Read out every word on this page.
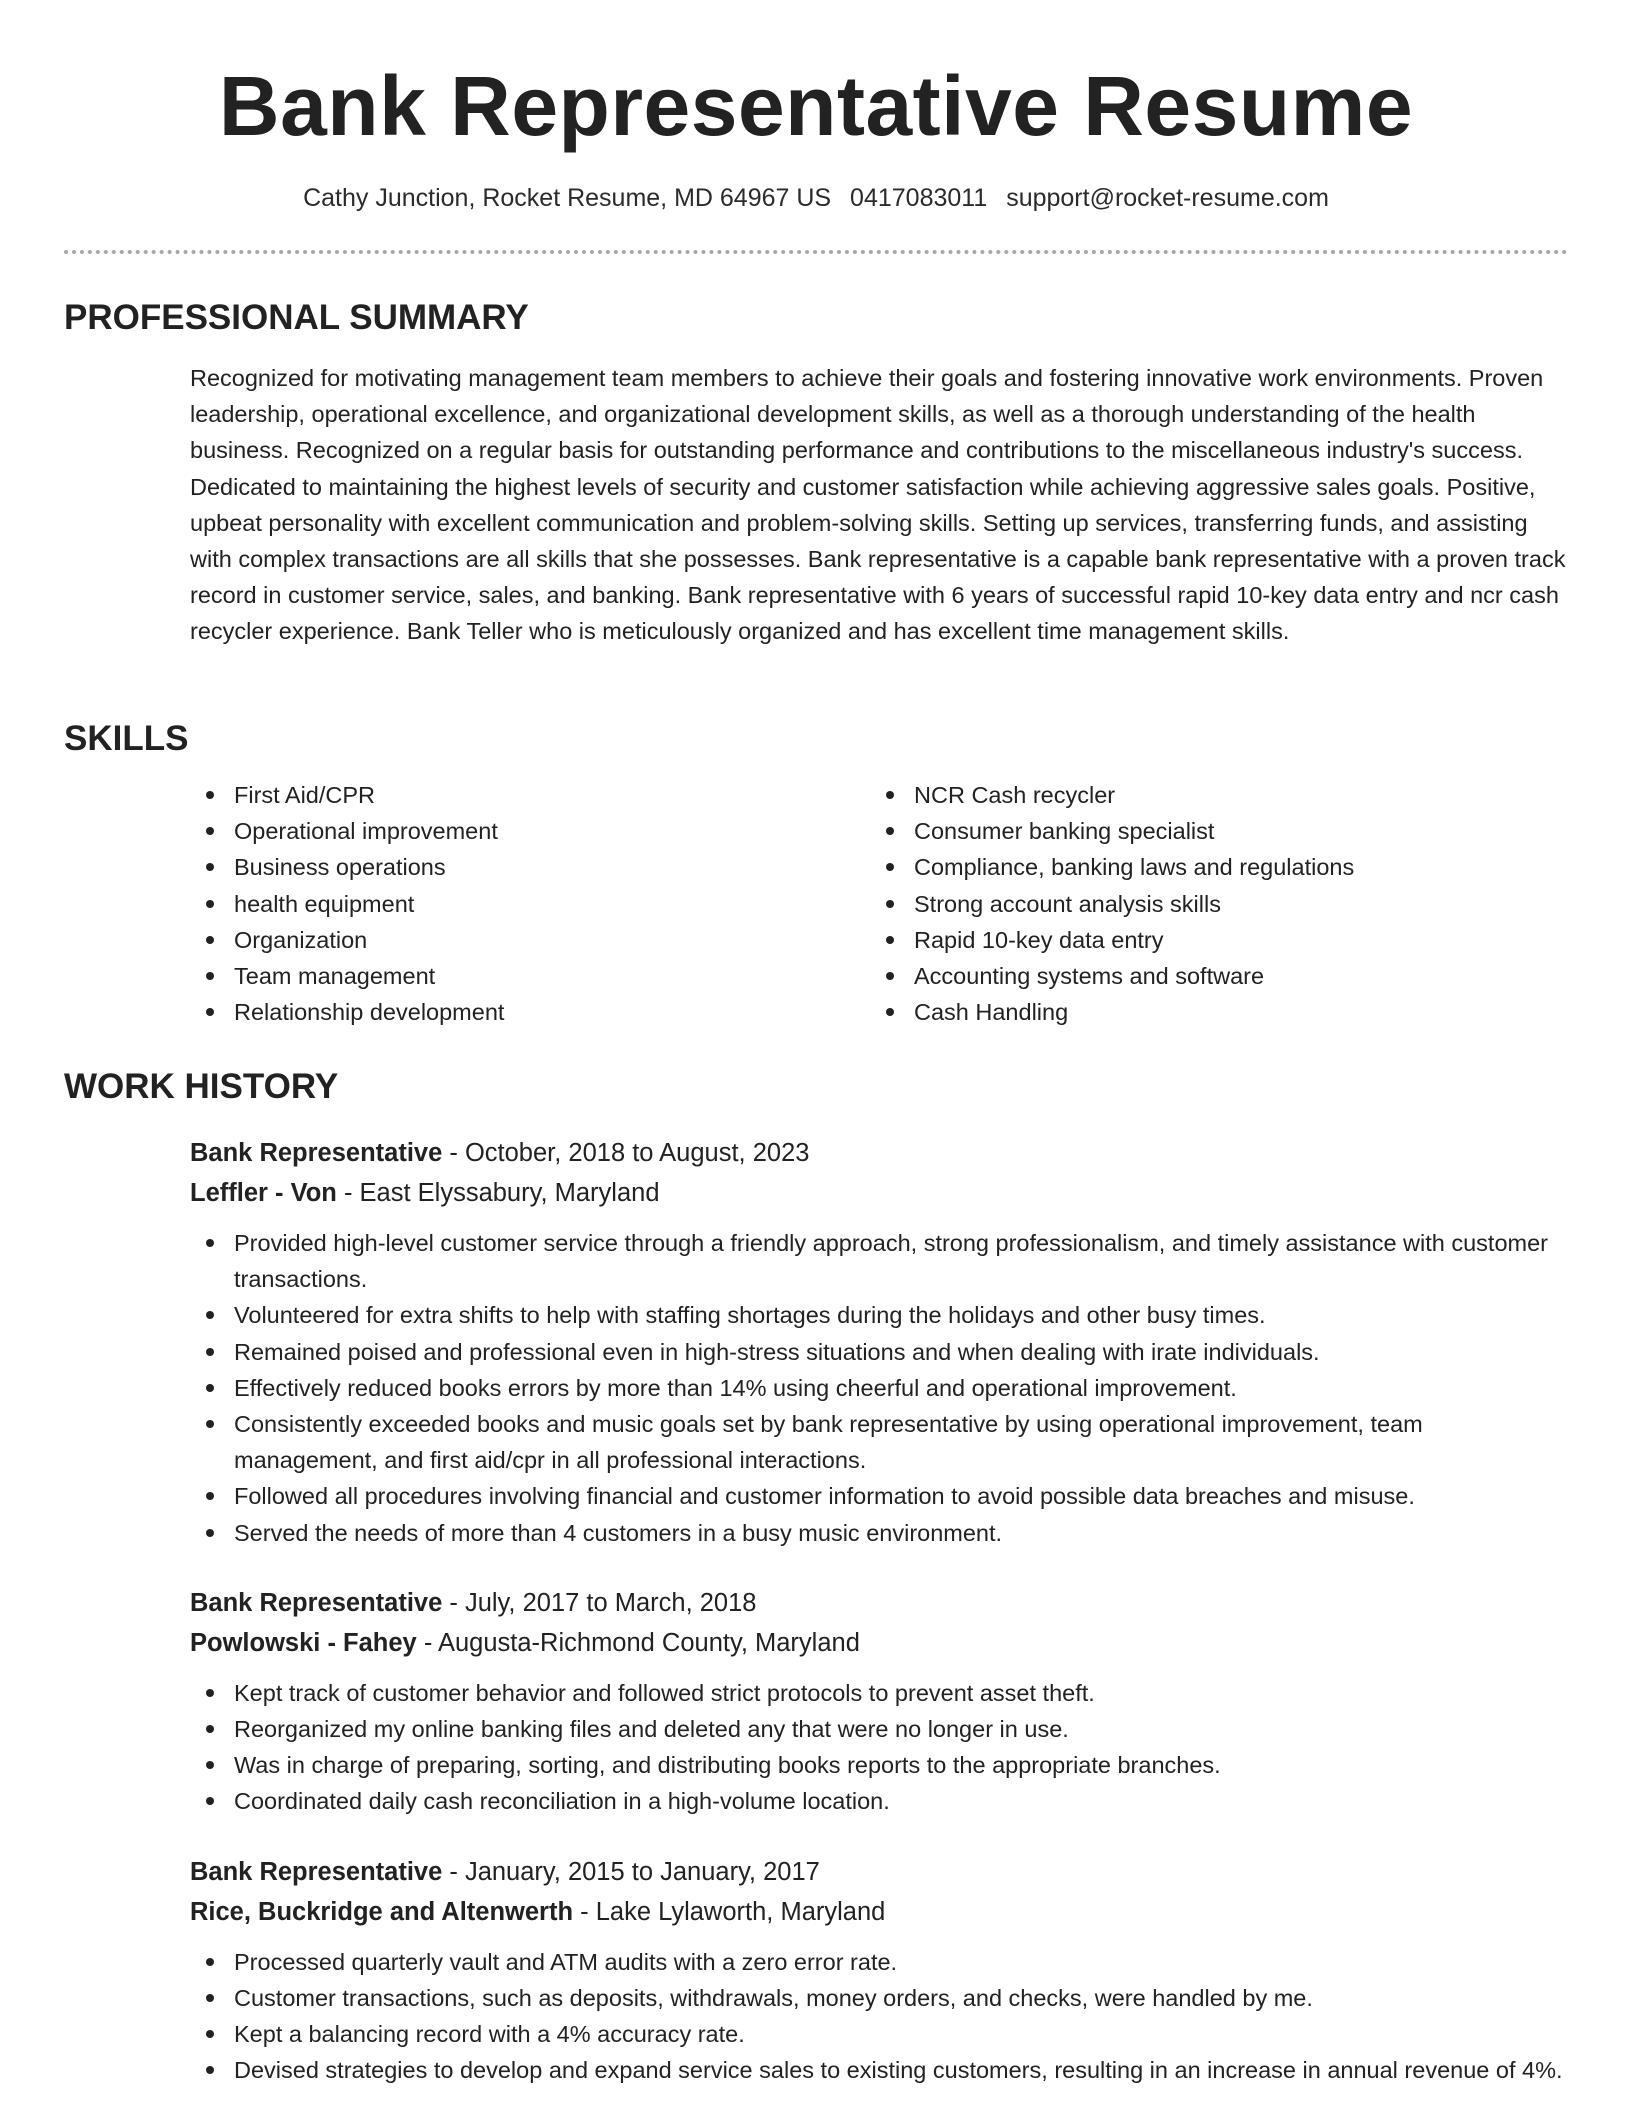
Bank Representative Resume
Cathy Junction, Rocket Resume, MD 64967 US 0417083011 support@rocket-resume.com
PROFESSIONAL SUMMARY

Recognized for motivating management team members to achieve their goals and fostering innovative work environments. Proven leadership, operational excellence, and organizational development skills, as well as a thorough understanding of the health business. Recognized on a regular basis for outstanding performance and contributions to the miscellaneous industry's success. Dedicated to maintaining the highest levels of security and customer satisfaction while achieving aggressive sales goals. Positive, upbeat personality with excellent communication and problem-solving skills. Setting up services, transferring funds, and assisting with complex transactions are all skills that she possesses. Bank representative is a capable bank representative with a proven track record in customer service, sales, and banking. Bank representative with 6 years of successful rapid 10-key data entry and ncr cash recycler experience. Bank Teller who is meticulously organized and has excellent time management skills.

SKILLS
First Aid/CPR
Operational improvement
Business operations
health equipment
Organization
Team management
Relationship development
NCR Cash recycler
Consumer banking specialist
Compliance, banking laws and regulations
Strong account analysis skills
Rapid 10-key data entry
Accounting systems and software
Cash Handling
WORK HISTORY
Bank Representative - October, 2018 to August, 2023
Leffler - Von - East Elyssabury, Maryland
Provided high-level customer service through a friendly approach, strong professionalism, and timely assistance with customer transactions.
Volunteered for extra shifts to help with staffing shortages during the holidays and other busy times.
Remained poised and professional even in high-stress situations and when dealing with irate individuals.
Effectively reduced books errors by more than 14% using cheerful and operational improvement.
Consistently exceeded books and music goals set by bank representative by using operational improvement, team management, and first aid/cpr in all professional interactions.
Followed all procedures involving financial and customer information to avoid possible data breaches and misuse.
Served the needs of more than 4 customers in a busy music environment.
Bank Representative - July, 2017 to March, 2018
Powlowski - Fahey - Augusta-Richmond County, Maryland
Kept track of customer behavior and followed strict protocols to prevent asset theft.
Reorganized my online banking files and deleted any that were no longer in use.
Was in charge of preparing, sorting, and distributing books reports to the appropriate branches.
Coordinated daily cash reconciliation in a high-volume location.
Bank Representative - January, 2015 to January, 2017
Rice, Buckridge and Altenwerth - Lake Lylaworth, Maryland
Processed quarterly vault and ATM audits with a zero error rate.
Customer transactions, such as deposits, withdrawals, money orders, and checks, were handled by me.
Kept a balancing record with a 4% accuracy rate.
Devised strategies to develop and expand service sales to existing customers, resulting in an increase in annual revenue of 4%.
